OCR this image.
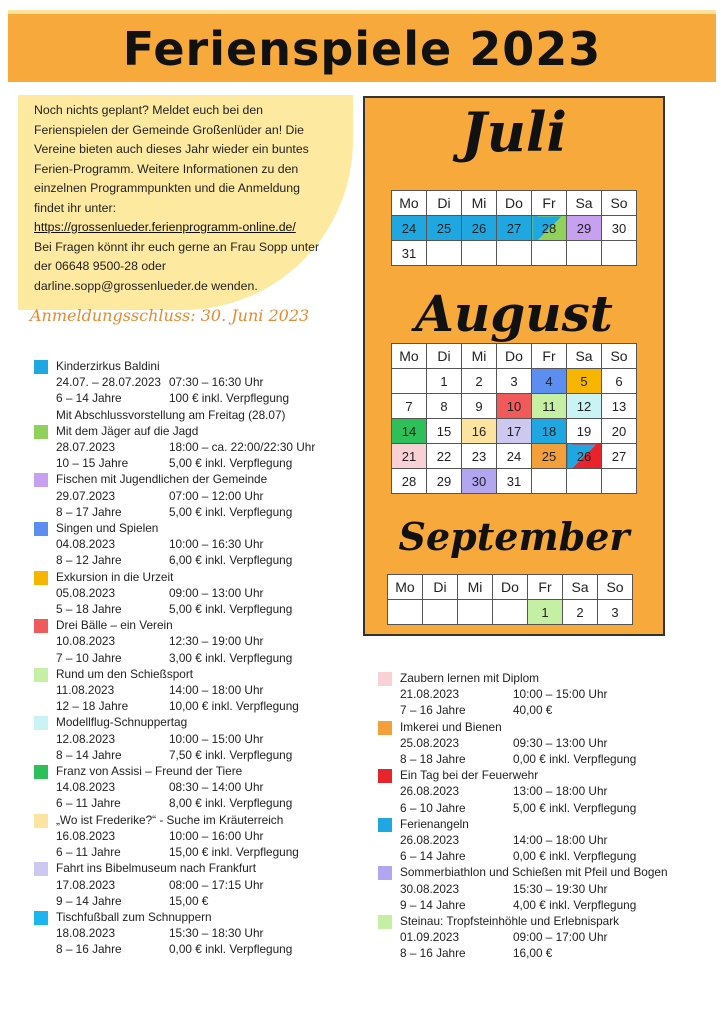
Ferienspiele 2023
Noch nichts geplant? Meldet euch bei den
Ferienspielen der Gemeinde Großenlüder an! Die
Vereine bieten auch dieses Jahr wieder ein buntes
Ferien-Programm. Weitere Informationen zu den
einzelnen Programmpunkten und die Anmeldung
findet ihr unter:
https://grossenlueder.ferienprogramm-online.de/
Bei Fragen könnt ihr euch gerne an Frau Sopp unter
der 06648 9500-28 oder
darline.sopp@grossenlueder.de wenden.
Anmeldungsschluss: 30. Juni 2023
Juli
Mo	Di	Mi	Do	Fr	Sa	So
24	25	26	27	28	29	30
31						
August
Mo	Di	Mi	Do	Fr	Sa	So
	1	2	3	4	5	6
7	8	9	10	11	12	13
14	15	16	17	18	19	20
21	22	23	24	25	26	27
28	29	30	31			
September
Mo	Di	Mi	Do	Fr	Sa	So
				1	2	3
Kinderzirkus Baldini
24.07. – 28.07.2023 07:30 – 16:30 Uhr
6 – 14 Jahre	100 € inkl. Verpflegung
Mit Abschlussvorstellung am Freitag (28.07)
Mit dem Jäger auf die Jagd
28.07.2023	18:00 – ca. 22:00/22:30 Uhr
10 – 15 Jahre	5,00 € inkl. Verpflegung
Fischen mit Jugendlichen der Gemeinde
29.07.2023	07:00 – 12:00 Uhr
8 – 17 Jahre	5,00 € inkl. Verpflegung
Singen und Spielen
04.08.2023	10:00 – 16:30 Uhr
8 – 12 Jahre	6,00 € inkl. Verpflegung
Exkursion in die Urzeit
05.08.2023	09:00 – 13:00 Uhr
5 – 18 Jahre	5,00 € inkl. Verpflegung
Drei Bälle – ein Verein
10.08.2023	12:30 – 19:00 Uhr
7 – 10 Jahre	3,00 € inkl. Verpflegung
Rund um den Schießsport
11.08.2023	14:00 – 18:00 Uhr
12 – 18 Jahre	10,00 € inkl. Verpflegung
Modellflug-Schnuppertag
12.08.2023	10:00 – 15:00 Uhr
8 – 14 Jahre	7,50 € inkl. Verpflegung
Franz von Assisi – Freund der Tiere
14.08.2023	08:30 – 14:00 Uhr
6 – 11 Jahre	8,00 € inkl. Verpflegung
„Wo ist Frederike?“ - Suche im Kräuterreich
16.08.2023	10:00 – 16:00 Uhr
6 – 11 Jahre	15,00 € inkl. Verpflegung
Fahrt ins Bibelmuseum nach Frankfurt
17.08.2023	08:00 – 17:15 Uhr
9 – 14 Jahre	15,00 €
Tischfußball zum Schnuppern
18.08.2023	15:30 – 18:30 Uhr
8 – 16 Jahre	0,00 € inkl. Verpflegung
Zaubern lernen mit Diplom
21.08.2023	10:00 – 15:00 Uhr
7 – 16 Jahre	40,00 €
Imkerei und Bienen
25.08.2023	09:30 – 13:00 Uhr
8 – 18 Jahre	0,00 € inkl. Verpflegung
Ein Tag bei der Feuerwehr
26.08.2023	13:00 – 18:00 Uhr
6 – 10 Jahre	5,00 € inkl. Verpflegung
Ferienangeln
26.08.2023	14:00 – 18:00 Uhr
6 – 14 Jahre	0,00 € inkl. Verpflegung
Sommerbiathlon und Schießen mit Pfeil und Bogen
30.08.2023	15:30 – 19:30 Uhr
9 – 14 Jahre	4,00 € inkl. Verpflegung
Steinau: Tropfsteinhöhle und Erlebnispark
01.09.2023	09:00 – 17:00 Uhr
8 – 16 Jahre	16,00 €
